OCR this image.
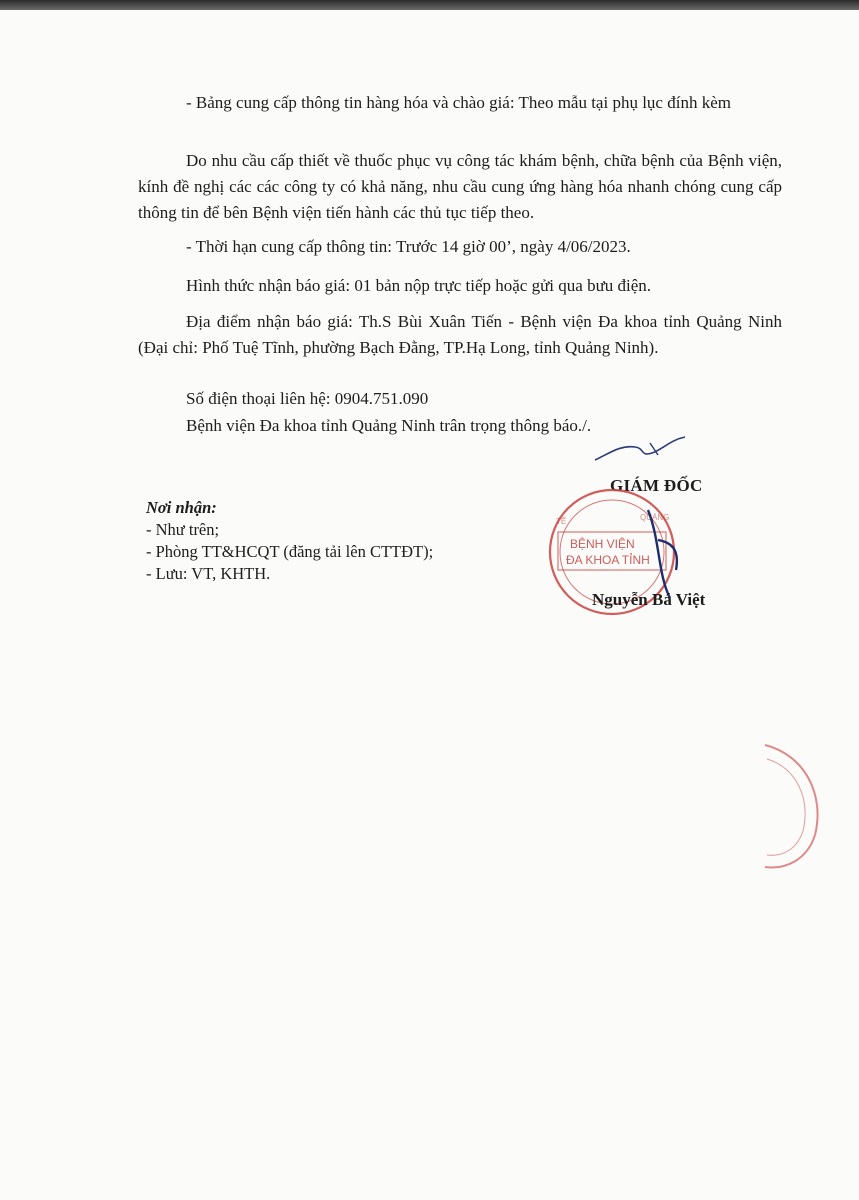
- Bảng cung cấp thông tin hàng hóa và chào giá: Theo mẫu tại phụ lục đính kèm

Do nhu cầu cấp thiết về thuốc phục vụ công tác khám bệnh, chữa bệnh của Bệnh viện, kính đề nghị các các công ty có khả năng, nhu cầu cung ứng hàng hóa nhanh chóng cung cấp thông tin để bên Bệnh viện tiến hành các thủ tục tiếp theo.

- Thời hạn cung cấp thông tin: Trước 14 giờ 00’, ngày 4/06/2023.

Hình thức nhận báo giá: 01 bản nộp trực tiếp hoặc gửi qua bưu điện.

Địa điểm nhận báo giá: Th.S Bùi Xuân Tiến - Bệnh viện Đa khoa tỉnh Quảng Ninh (Đại chỉ: Phố Tuệ Tĩnh, phường Bạch Đằng, TP.Hạ Long, tỉnh Quảng Ninh).

Số điện thoại liên hệ: 0904.751.090

Bệnh viện Đa khoa tỉnh Quảng Ninh trân trọng thông báo./.

Nơi nhận:
- Như trên;
- Phòng TT&HCQT (đăng tải lên CTTĐT);
- Lưu: VT, KHTH.
GIÁM ĐỐC
BỆNH VIỆN
ĐA KHOA TỈNH
TẾ	QUẢNG
Nguyễn Bá Việt
